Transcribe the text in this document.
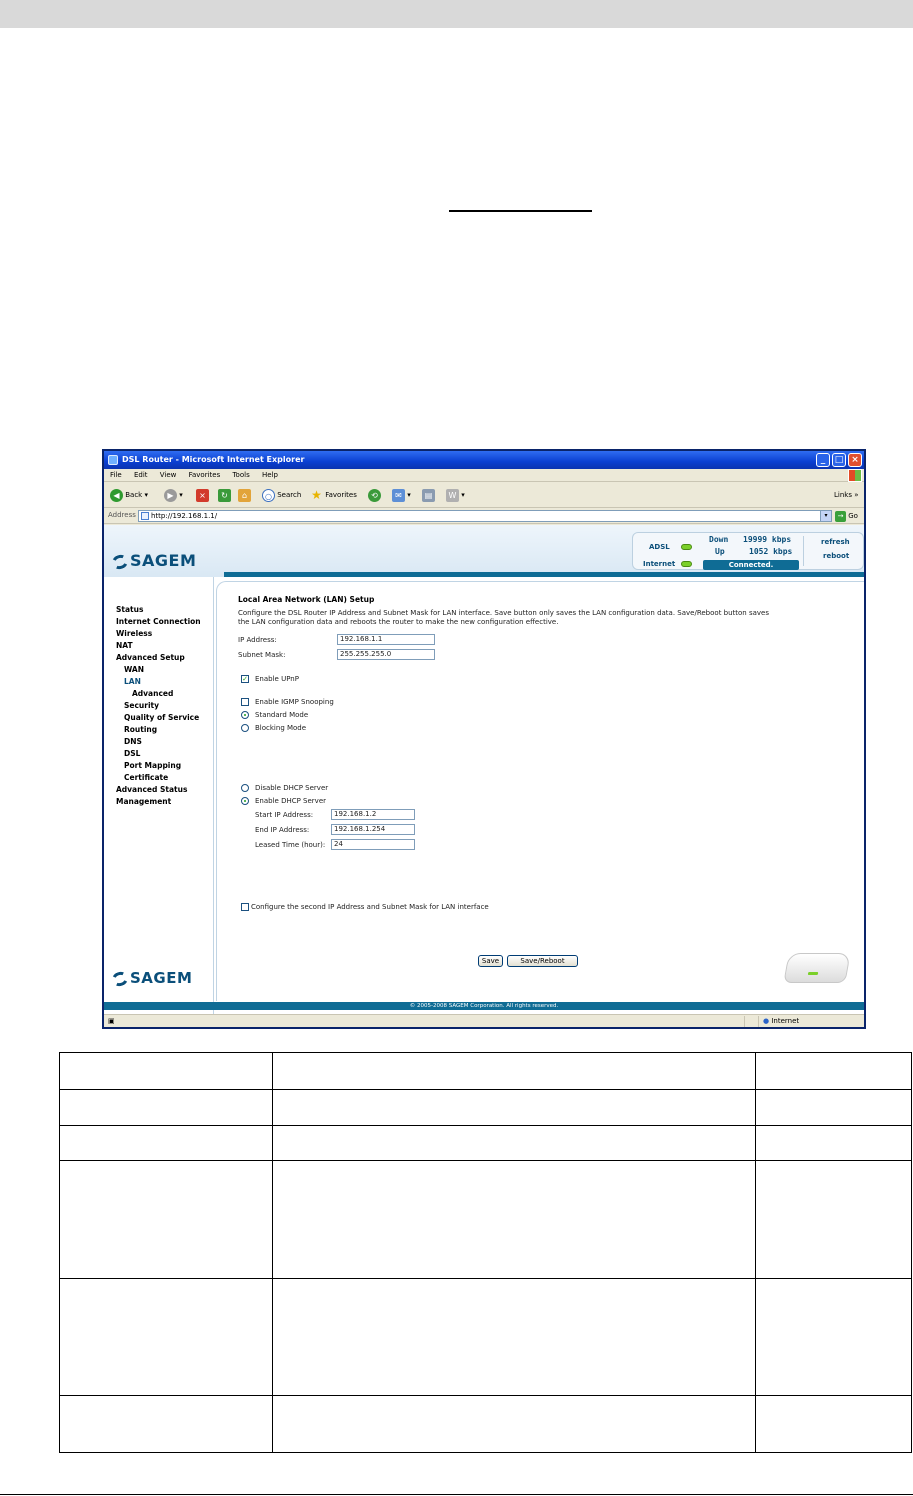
DSL Router - Microsoft Internet Explorer	_	□ ×
File Edit View Favorites Tools Help
◀ Back ▾	▶ ▾	×	↻	⌂	○ Search ★ Favorites	⟲	✉ ▾	▤	W ▾	Links »
Address	http://192.168.1.1/	▾	→ Go
SAGEM
ADSL
Internet
Down 19999 kbps
Up	1052 kbps
Connected.
refresh
reboot
Status
Internet Connection
Wireless
NAT
Advanced Setup
WAN
LAN
Advanced
Security
Quality of Service
Routing
DNS
DSL
Port Mapping
Certificate
Advanced Status
Management
SAGEM
Local Area Network (LAN) Setup
Configure the DSL Router IP Address and Subnet Mask for LAN interface. Save button only saves the LAN configuration data. Save/Reboot button saves
the LAN configuration data and reboots the router to make the new configuration effective.
IP Address:	192.168.1.1
Subnet Mask:	255.255.255.0
✓ Enable UPnP
Enable IGMP Snooping
Standard Mode
Blocking Mode
Disable DHCP Server
Enable DHCP Server
Start IP Address:	192.168.1.2
End IP Address:	192.168.1.254
Leased Time (hour):	24
Configure the second IP Address and Subnet Mask for LAN interface
Save	Save/Reboot
© 2005-2008 SAGEM Corporation. All rights reserved.
▣	● Internet
